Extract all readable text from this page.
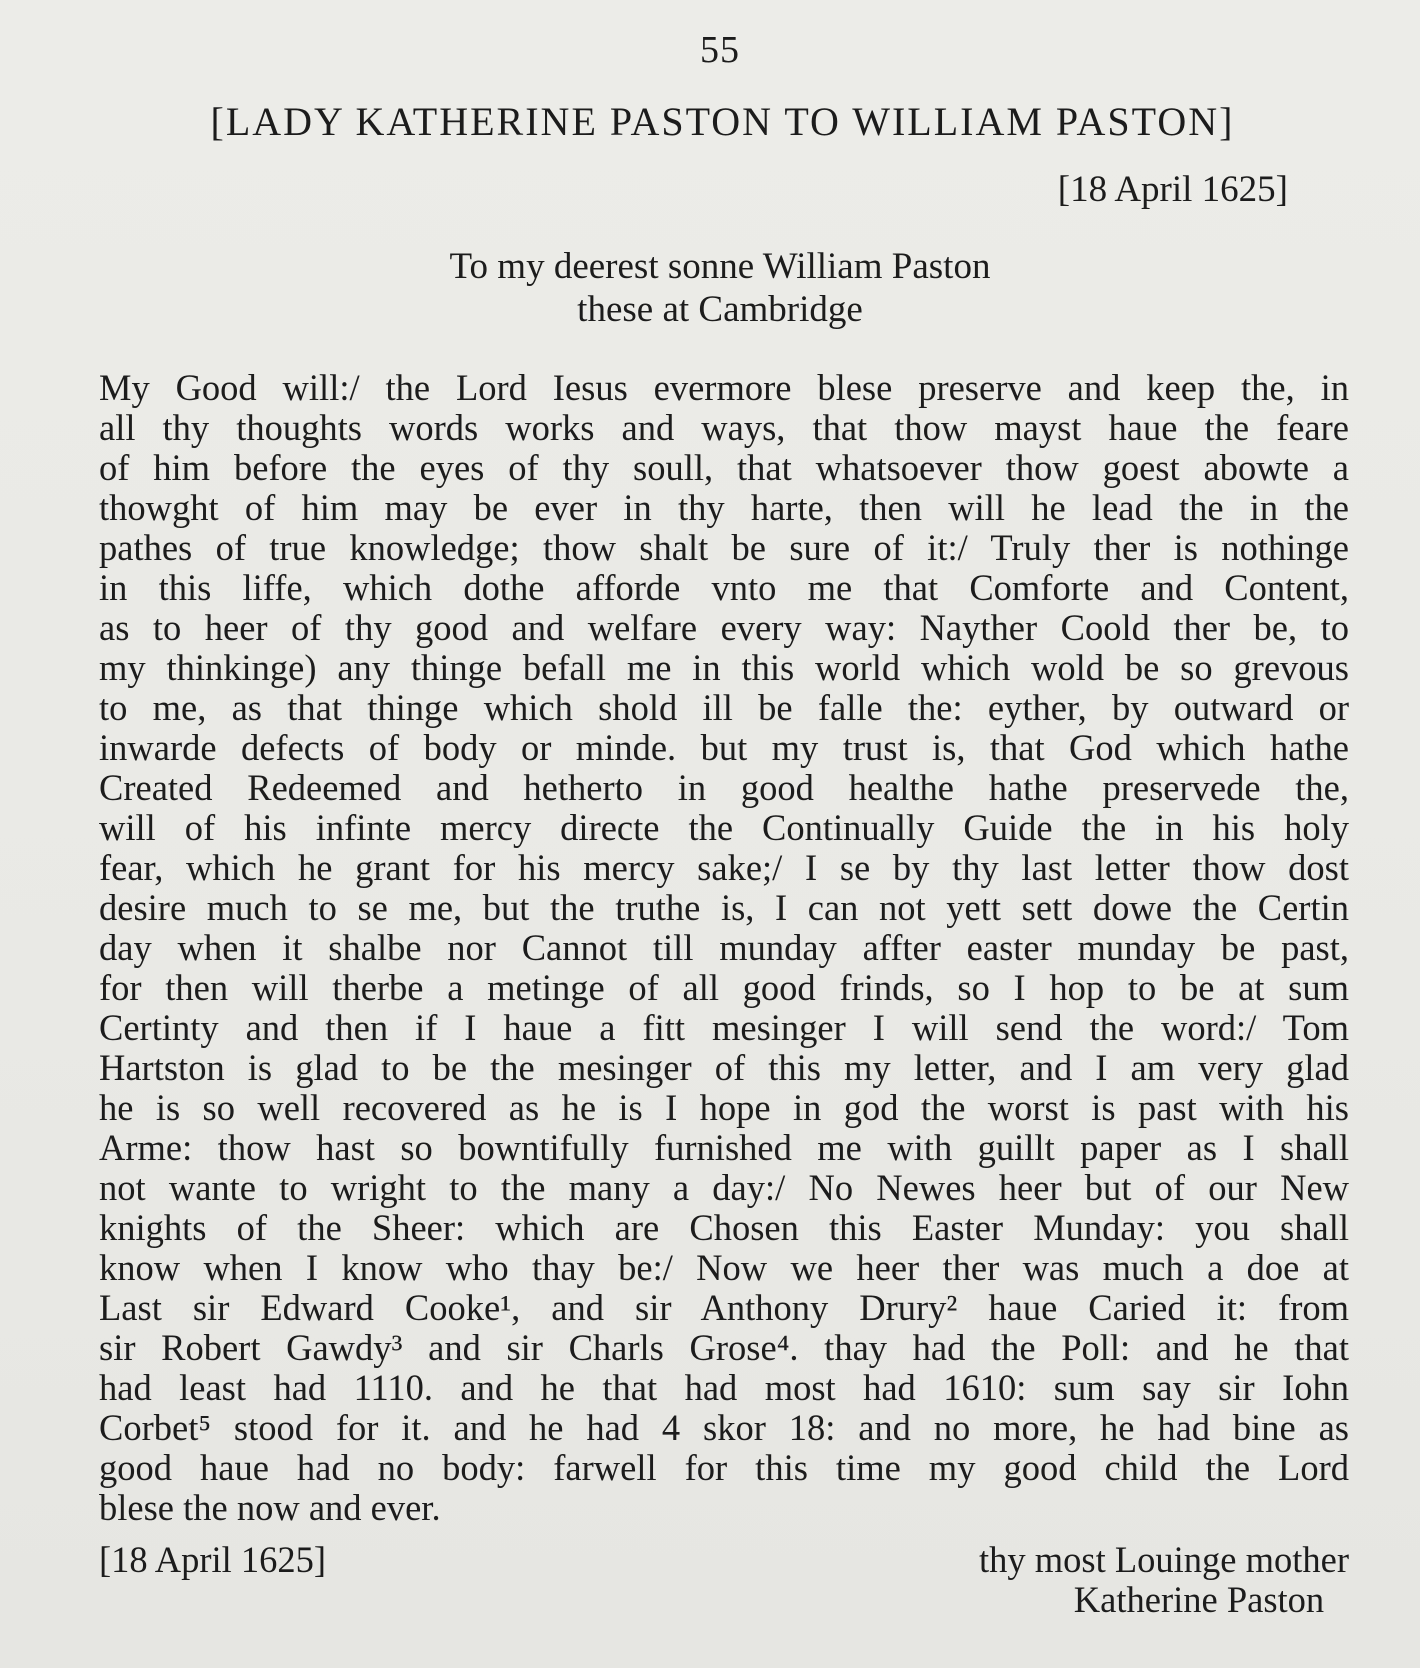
55
[LADY KATHERINE PASTON TO WILLIAM PASTON]
[18 April 1625]
To my deerest sonne William Paston
these at Cambridge
My Good will:/ the Lord Iesus evermore blese preserve and keep the, in
all thy thoughts words works and ways, that thow mayst haue the feare
of him before the eyes of thy soull, that whatsoever thow goest abowte a
thowght of him may be ever in thy harte, then will he lead the in the
pathes of true knowledge; thow shalt be sure of it:/ Truly ther is nothinge
in this liffe, which dothe afforde vnto me that Comforte and Content,
as to heer of thy good and welfare every way: Nayther Coold ther be, to
my thinkinge) any thinge befall me in this world which wold be so grevous
to me, as that thinge which shold ill be falle the: eyther, by outward or
inwarde defects of body or minde. but my trust is, that God which hathe
Created Redeemed and hetherto in good healthe hathe preservede the,
will of his infinte mercy directe the Continually Guide the in his holy
fear, which he grant for his mercy sake;/ I se by thy last letter thow dost
desire much to se me, but the truthe is, I can not yett sett dowe the Certin
day when it shalbe nor Cannot till munday affter easter munday be past,
for then will therbe a metinge of all good frinds, so I hop to be at sum
Certinty and then if I haue a fitt mesinger I will send the word:/ Tom
Hartston is glad to be the mesinger of this my letter, and I am very glad
he is so well recovered as he is I hope in god the worst is past with his
Arme: thow hast so bowntifully furnished me with guillt paper as I shall
not wante to wright to the many a day:/ No Newes heer but of our New
knights of the Sheer: which are Chosen this Easter Munday: you shall
know when I know who thay be:/ Now we heer ther was much a doe at
Last sir Edward Cooke¹, and sir Anthony Drury² haue Caried it: from
sir Robert Gawdy³ and sir Charls Grose⁴. thay had the Poll: and he that
had least had 1110. and he that had most had 1610: sum say sir Iohn
Corbet⁵ stood for it. and he had 4 skor 18: and no more, he had bine as
good haue had no body: farwell for this time my good child the Lord
blese the now and ever.
[18 April 1625]	thy most Louinge mother
Katherine Paston
